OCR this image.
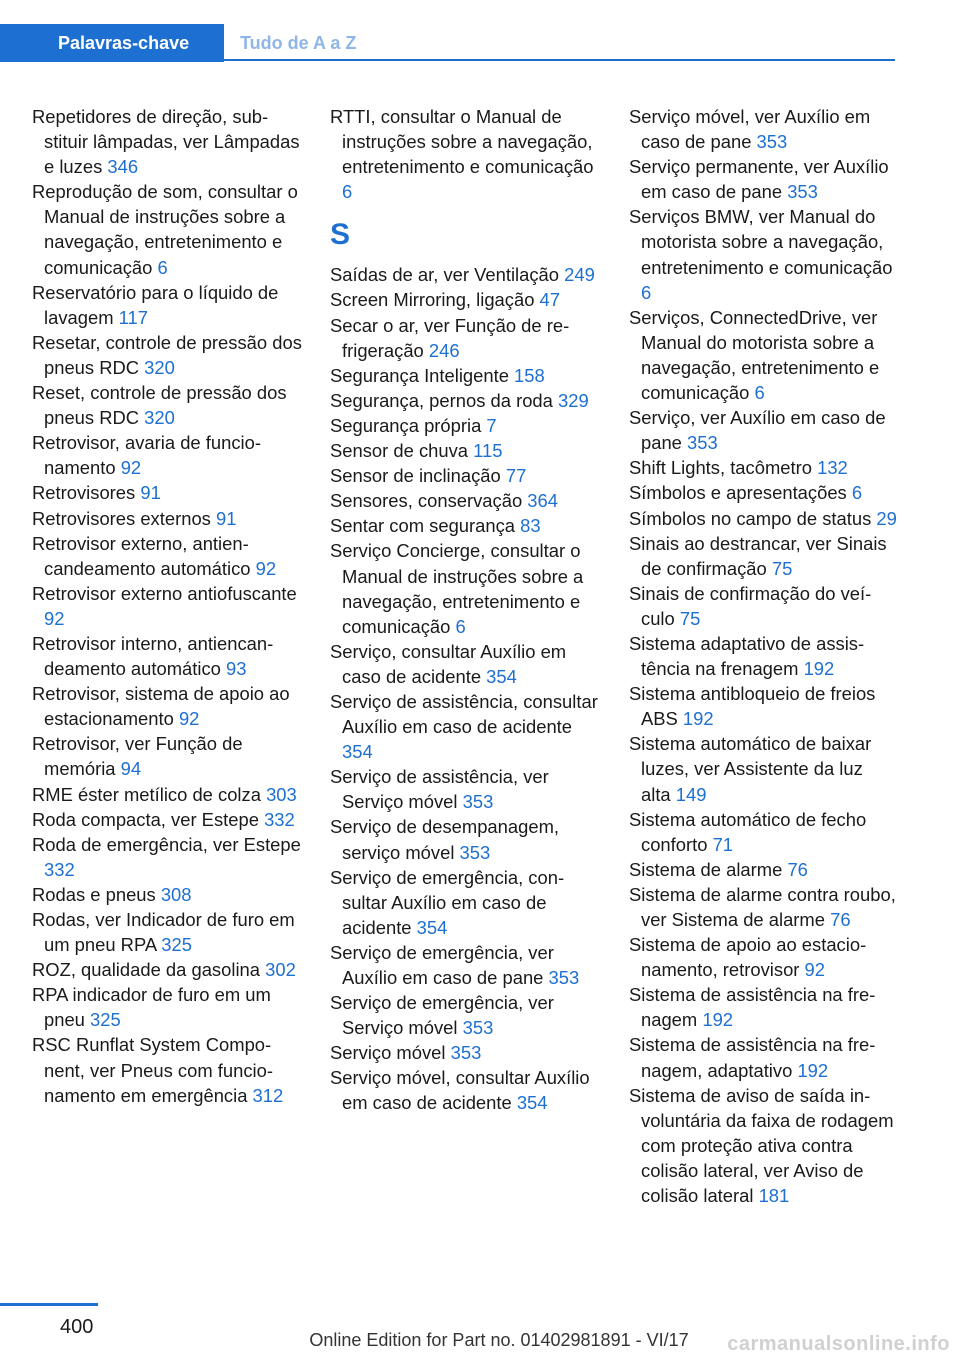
Palavras-chave	Tudo de A a Z

Repetidores de direção, substituir lâmpadas, ver Lâmpadas e luzes 346

Reprodução de som, consultar o Manual de instruções sobre a navegação, entretenimento e comunicação 6

Reservatório para o líquido de lavagem 117

Resetar, controle de pressão dos pneus RDC 320

Reset, controle de pressão dos pneus RDC 320

Retrovisor, avaria de funcionamento 92

Retrovisores 91

Retrovisores externos 91

Retrovisor externo, antiencandeamento automático 92

Retrovisor externo antiofuscante 92

Retrovisor interno, antiencandeamento automático 93

Retrovisor, sistema de apoio ao estacionamento 92

Retrovisor, ver Função de memória 94

RME éster metílico de colza 303

Roda compacta, ver Estepe 332

Roda de emergência, ver Estepe 332

Rodas e pneus 308

Rodas, ver Indicador de furo em um pneu RPA 325

ROZ, qualidade da gasolina 302

RPA indicador de furo em um pneu 325

RSC Runflat System Component, ver Pneus com funcionamento em emergência 312

RTTI, consultar o Manual de instruções sobre a navegação, entretenimento e comunicação 6

S

Saídas de ar, ver Ventilação 249

Screen Mirroring, ligação 47

Secar o ar, ver Função de refrigeração 246

Segurança Inteligente 158

Segurança, pernos da roda 329

Segurança própria 7

Sensor de chuva 115

Sensor de inclinação 77

Sensores, conservação 364

Sentar com segurança 83

Serviço Concierge, consultar o Manual de instruções sobre a navegação, entretenimento e comunicação 6

Serviço, consultar Auxílio em caso de acidente 354

Serviço de assistência, consultar Auxílio em caso de acidente 354

Serviço de assistência, ver Serviço móvel 353

Serviço de desempanagem, serviço móvel 353

Serviço de emergência, consultar Auxílio em caso de acidente 354

Serviço de emergência, ver Auxílio em caso de pane 353

Serviço de emergência, ver Serviço móvel 353

Serviço móvel 353

Serviço móvel, consultar Auxílio em caso de acidente 354

Serviço móvel, ver Auxílio em caso de pane 353

Serviço permanente, ver Auxílio em caso de pane 353

Serviços BMW, ver Manual do motorista sobre a navegação, entretenimento e comunicação 6

Serviços, ConnectedDrive, ver Manual do motorista sobre a navegação, entretenimento e comunicação 6

Serviço, ver Auxílio em caso de pane 353

Shift Lights, tacômetro 132

Símbolos e apresentações 6

Símbolos no campo de status 29

Sinais ao destrancar, ver Sinais de confirmação 75

Sinais de confirmação do veículo 75

Sistema adaptativo de assistência na frenagem 192

Sistema antibloqueio de freios ABS 192

Sistema automático de baixar luzes, ver Assistente da luz alta 149

Sistema automático de fecho conforto 71

Sistema de alarme 76

Sistema de alarme contra roubo, ver Sistema de alarme 76

Sistema de apoio ao estacionamento, retrovisor 92

Sistema de assistência na frenagem 192

Sistema de assistência na frenagem, adaptativo 192

Sistema de aviso de saída involuntária da faixa de rodagem com proteção ativa contra colisão lateral, ver Aviso de colisão lateral 181

400
Online Edition for Part no. 01402981891 - VI/17	carmanualsonline.info
